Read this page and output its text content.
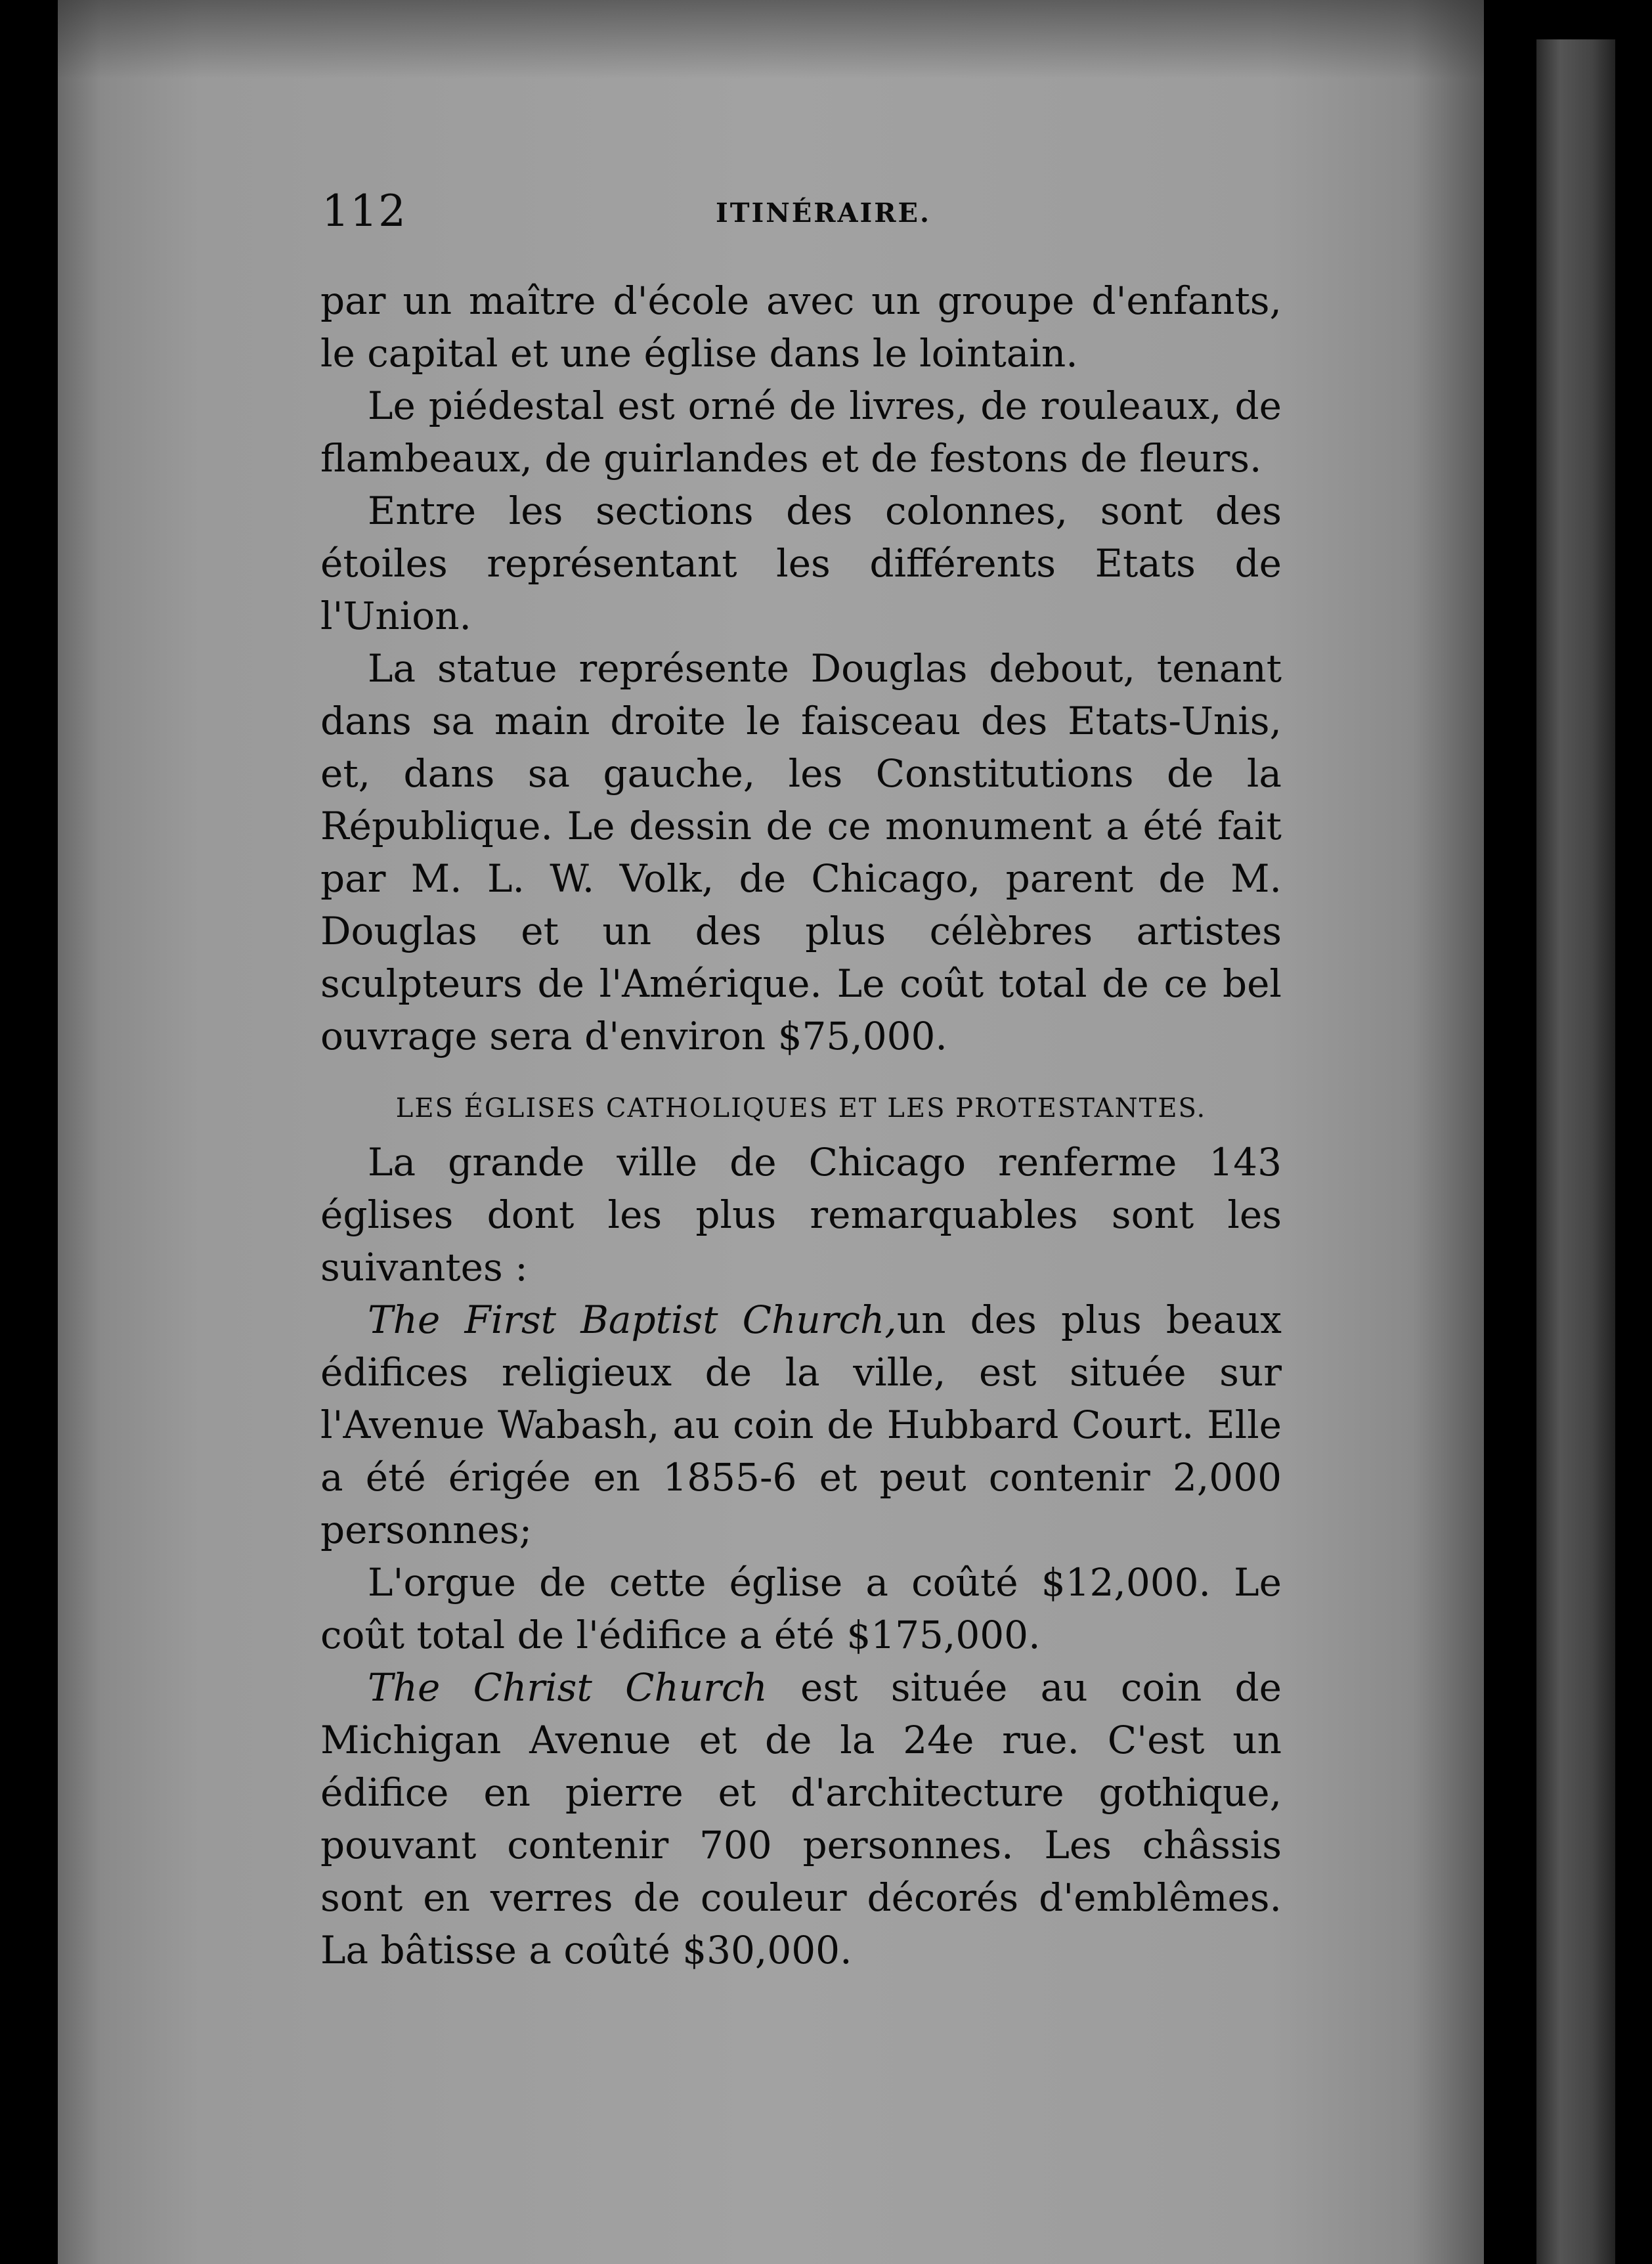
112	ITINÉRAIRE.

par un maître d'école avec un groupe d'enfants, le capital et une église dans le lointain.

Le piédestal est orné de livres, de rouleaux, de flambeaux, de guirlandes et de festons de fleurs.

Entre les sections des colonnes, sont des étoiles représentant les différents Etats de l'Union.

La statue représente Douglas debout, tenant dans sa main droite le faisceau des Etats-Unis, et, dans sa gauche, les Constitutions de la République. Le dessin de ce monument a été fait par M. L. W. Volk, de Chicago, parent de M. Douglas et un des plus célèbres artistes sculpteurs de l'Amérique. Le coût total de ce bel ouvrage sera d'environ $75,000.

LES ÉGLISES CATHOLIQUES ET LES PROTESTANTES.

La grande ville de Chicago renferme 143 églises dont les plus remarquables sont les suivantes :

The First Baptist Church,un des plus beaux édifices religieux de la ville, est située sur l'Avenue Wabash, au coin de Hubbard Court. Elle a été érigée en 1855-6 et peut contenir 2,000 personnes;

L'orgue de cette église a coûté $12,000. Le coût total de l'édifice a été $175,000.

The Christ Church est située au coin de Michigan Avenue et de la 24e rue. C'est un édifice en pierre et d'architecture gothique, pouvant contenir 700 personnes. Les châssis sont en verres de couleur décorés d'emblêmes. La bâtisse a coûté $30,000.
